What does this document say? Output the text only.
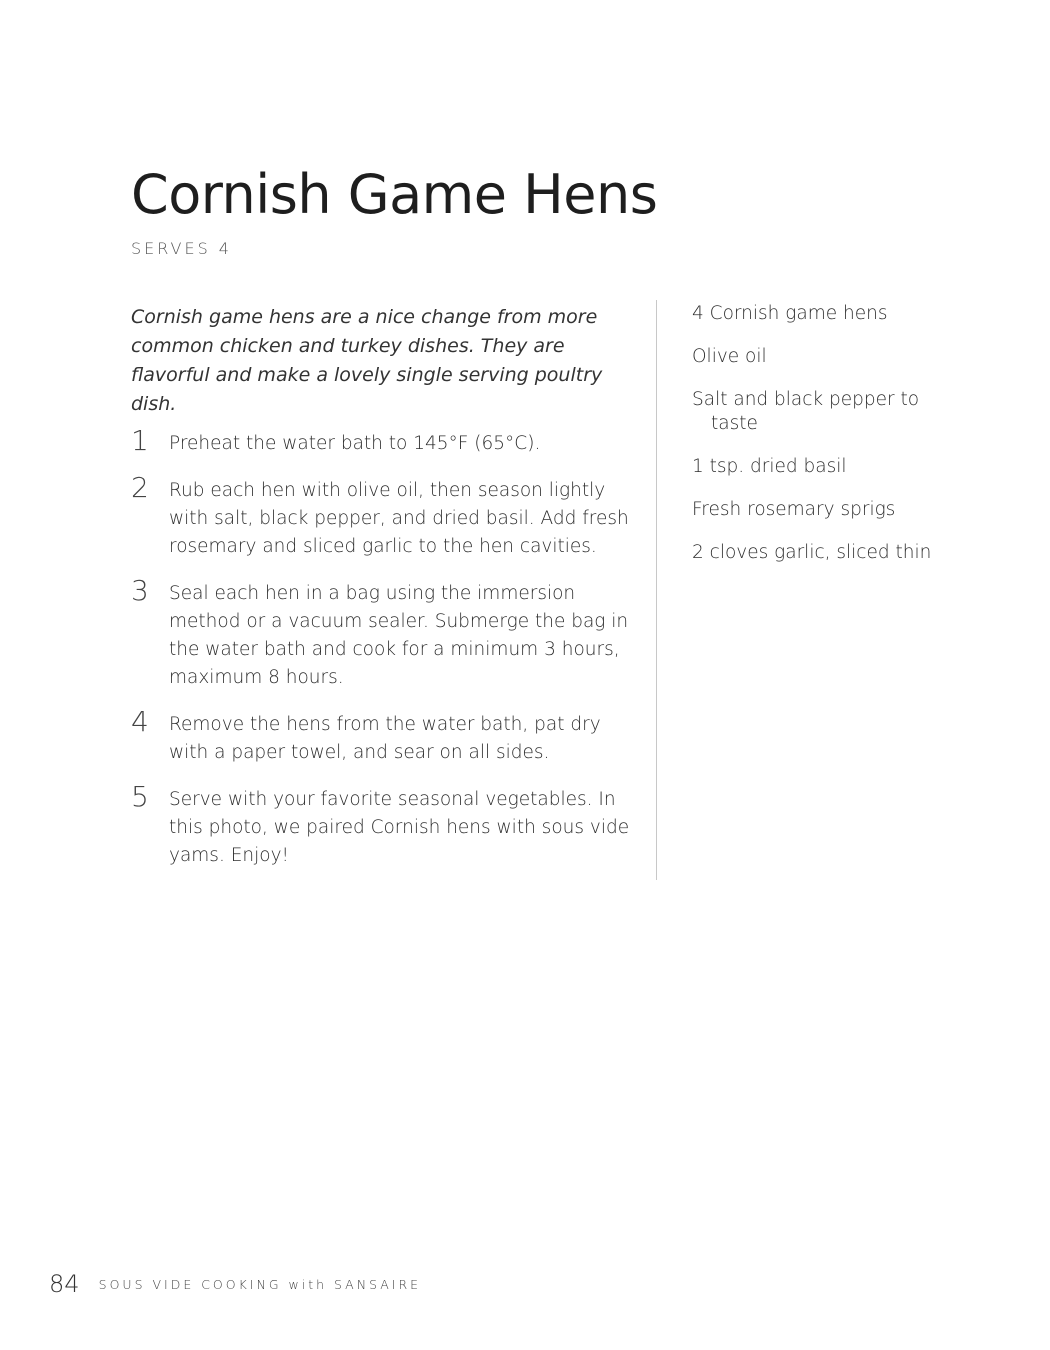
Cornish Game Hens
SERVES 4

Cornish game hens are a nice change from more common chicken and turkey dishes. They are flavorful and make a lovely single serving poultry dish.

1 Preheat the water bath to 145°F (65°C).
2 Rub each hen with olive oil, then season lightly with salt, black pepper, and dried basil. Add fresh rosemary and sliced garlic to the hen cavities.
3 Seal each hen in a bag using the immersion method or a vacuum sealer. Submerge the bag in the water bath and cook for a minimum 3 hours, maximum 8 hours.
4 Remove the hens from the water bath, pat dry with a paper towel, and sear on all sides.
5 Serve with your favorite seasonal vegetables. In this photo, we paired Cornish hens with sous vide yams. Enjoy!
4 Cornish game hens
Olive oil
Salt and black pepper to taste
1 tsp. dried basil
Fresh rosemary sprigs
2 cloves garlic, sliced thin
84 SOUS VIDE COOKING with SANSAIRE
